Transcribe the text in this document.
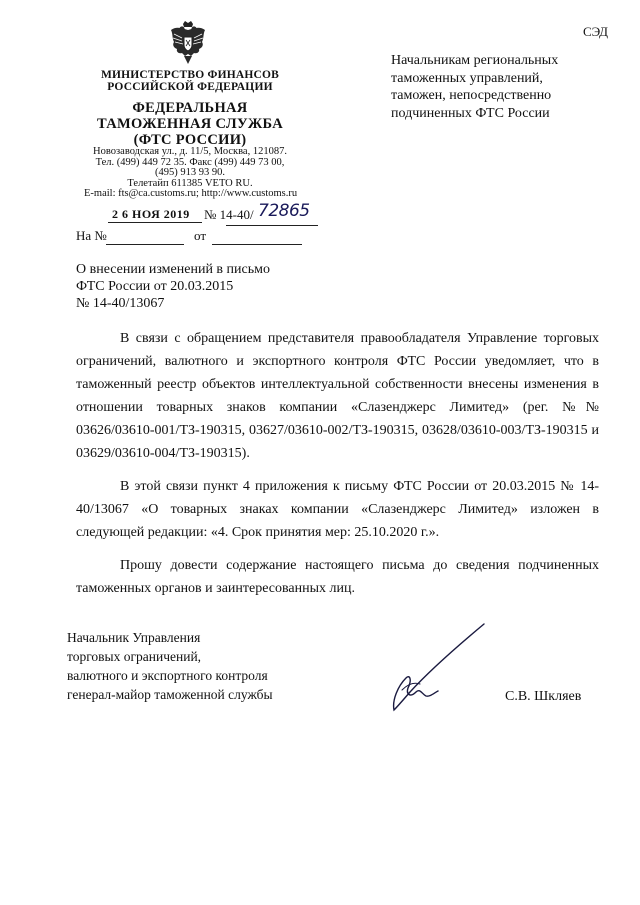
СЭД
МИНИСТЕРСТВО ФИНАНСОВ
РОССИЙСКОЙ ФЕДЕРАЦИИ
ФЕДЕРАЛЬНАЯ
ТАМОЖЕННАЯ СЛУЖБА
(ФТС РОССИИ)
Новозаводская ул., д. 11/5, Москва, 121087.
Тел. (499) 449 72 35. Факс (499) 449 73 00,
(495) 913 93 90.
Телетайп 611385 VETO RU.
E-mail: fts@ca.customs.ru; http://www.customs.ru
Начальникам региональных
таможенных управлений,
таможен, непосредственно
подчиненных ФТС России
2 6 НОЯ 2019	№ 14-40/ 72865
На №	от
О внесении изменений в письмо
ФТС России от 20.03.2015
№ 14-40/13067

В связи с обращением представителя правообладателя Управление торговых ограничений, валютного и экспортного контроля ФТС России уведомляет, что в таможенный реестр объектов интеллектуальной собственности внесены изменения в отношении товарных знаков компании «Слазенджерс Лимитед» (рег. №№ 03626/03610-001/ТЗ-190315, 03627/03610-002/ТЗ-190315, 03628/03610-003/ТЗ-190315 и 03629/03610-004/ТЗ-190315).

В этой связи пункт 4 приложения к письму ФТС России от 20.03.2015 № 14-40/13067 «О товарных знаках компании «Слазенджерс Лимитед» изложен в следующей редакции: «4. Срок принятия мер: 25.10.2020 г.».

Прошу довести содержание настоящего письма до сведения подчиненных таможенных органов и заинтересованных лиц.

Начальник Управления
торговых ограничений,
валютного и экспортного контроля
генерал-майор таможенной службы	С.В. Шкляев
